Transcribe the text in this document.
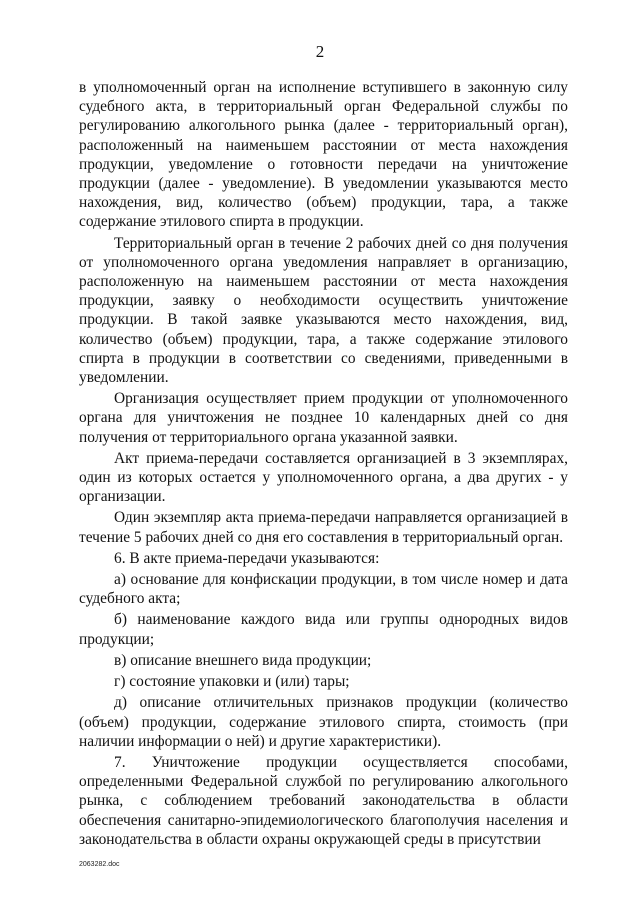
2

в уполномоченный орган на исполнение вступившего в законную силу судебного акта, в территориальный орган Федеральной службы по регулированию алкогольного рынка (далее - территориальный орган), расположенный на наименьшем расстоянии от места нахождения продукции, уведомление о готовности передачи на уничтожение продукции (далее - уведомление). В уведомлении указываются место нахождения, вид, количество (объем) продукции, тара, а также содержание этилового спирта в продукции.

Территориальный орган в течение 2 рабочих дней со дня получения от уполномоченного органа уведомления направляет в организацию, расположенную на наименьшем расстоянии от места нахождения продукции, заявку о необходимости осуществить уничтожение продукции. В такой заявке указываются место нахождения, вид, количество (объем) продукции, тара, а также содержание этилового спирта в продукции в соответствии со сведениями, приведенными в уведомлении.

Организация осуществляет прием продукции от уполномоченного органа для уничтожения не позднее 10 календарных дней со дня получения от территориального органа указанной заявки.

Акт приема-передачи составляется организацией в 3 экземплярах, один из которых остается у уполномоченного органа, а два других - у организации.

Один экземпляр акта приема-передачи направляется организацией в течение 5 рабочих дней со дня его составления в территориальный орган.

6. В акте приема-передачи указываются:

а) основание для конфискации продукции, в том числе номер и дата судебного акта;

б) наименование каждого вида или группы однородных видов продукции;

в) описание внешнего вида продукции;

г) состояние упаковки и (или) тары;

д) описание отличительных признаков продукции (количество (объем) продукции, содержание этилового спирта, стоимость (при наличии информации о ней) и другие характеристики).

7. Уничтожение продукции осуществляется способами, определенными Федеральной службой по регулированию алкогольного рынка, с соблюдением требований законодательства в области обеспечения санитарно-эпидемиологического благополучия населения и законодательства в области охраны окружающей среды в присутствии

2063282.doc
